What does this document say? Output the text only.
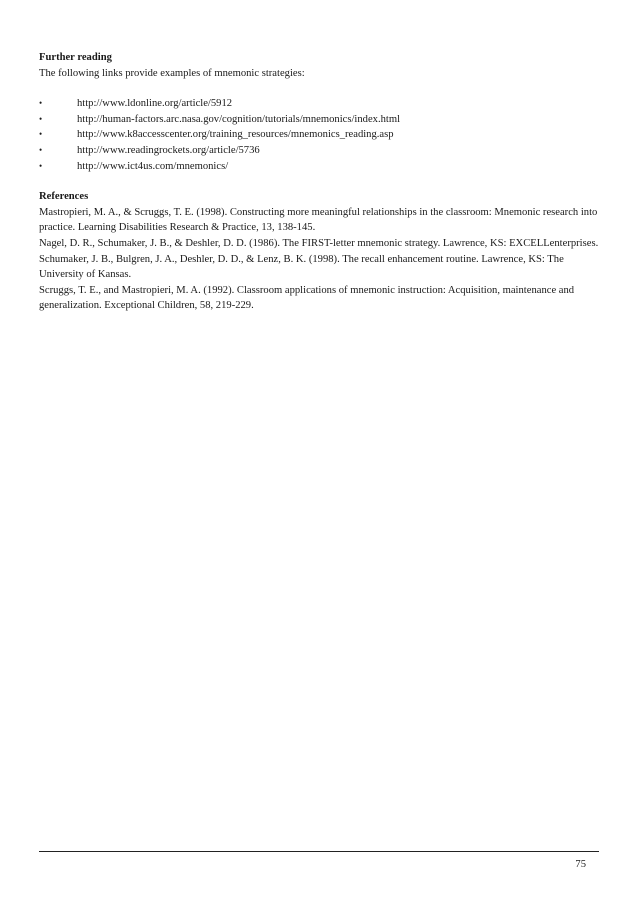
Further reading

The following links provide examples of mnemonic strategies:

•	http://www.ldonline.org/article/5912
•	http://human-factors.arc.nasa.gov/cognition/tutorials/mnemonics/index.html
•	http://www.k8accesscenter.org/training_resources/mnemonics_reading.asp
•	http://www.readingrockets.org/article/5736
•	http://www.ict4us.com/mnemonics/

References

Mastropieri, M. A., & Scruggs, T. E. (1998). Constructing more meaningful relationships in the classroom: Mnemonic research into practice. Learning Disabilities Research & Practice, 13, 138-145.

Nagel, D. R., Schumaker, J. B., & Deshler, D. D. (1986). The FIRST-letter mnemonic strategy. Lawrence, KS: EXCELLenterprises.

Schumaker, J. B., Bulgren, J. A., Deshler, D. D., & Lenz, B. K. (1998). The recall enhancement routine. Lawrence, KS: The University of Kansas.

Scruggs, T. E., and Mastropieri, M. A. (1992). Classroom applications of mnemonic instruction: Acquisition, maintenance and generalization. Exceptional Children, 58, 219-229.

75
